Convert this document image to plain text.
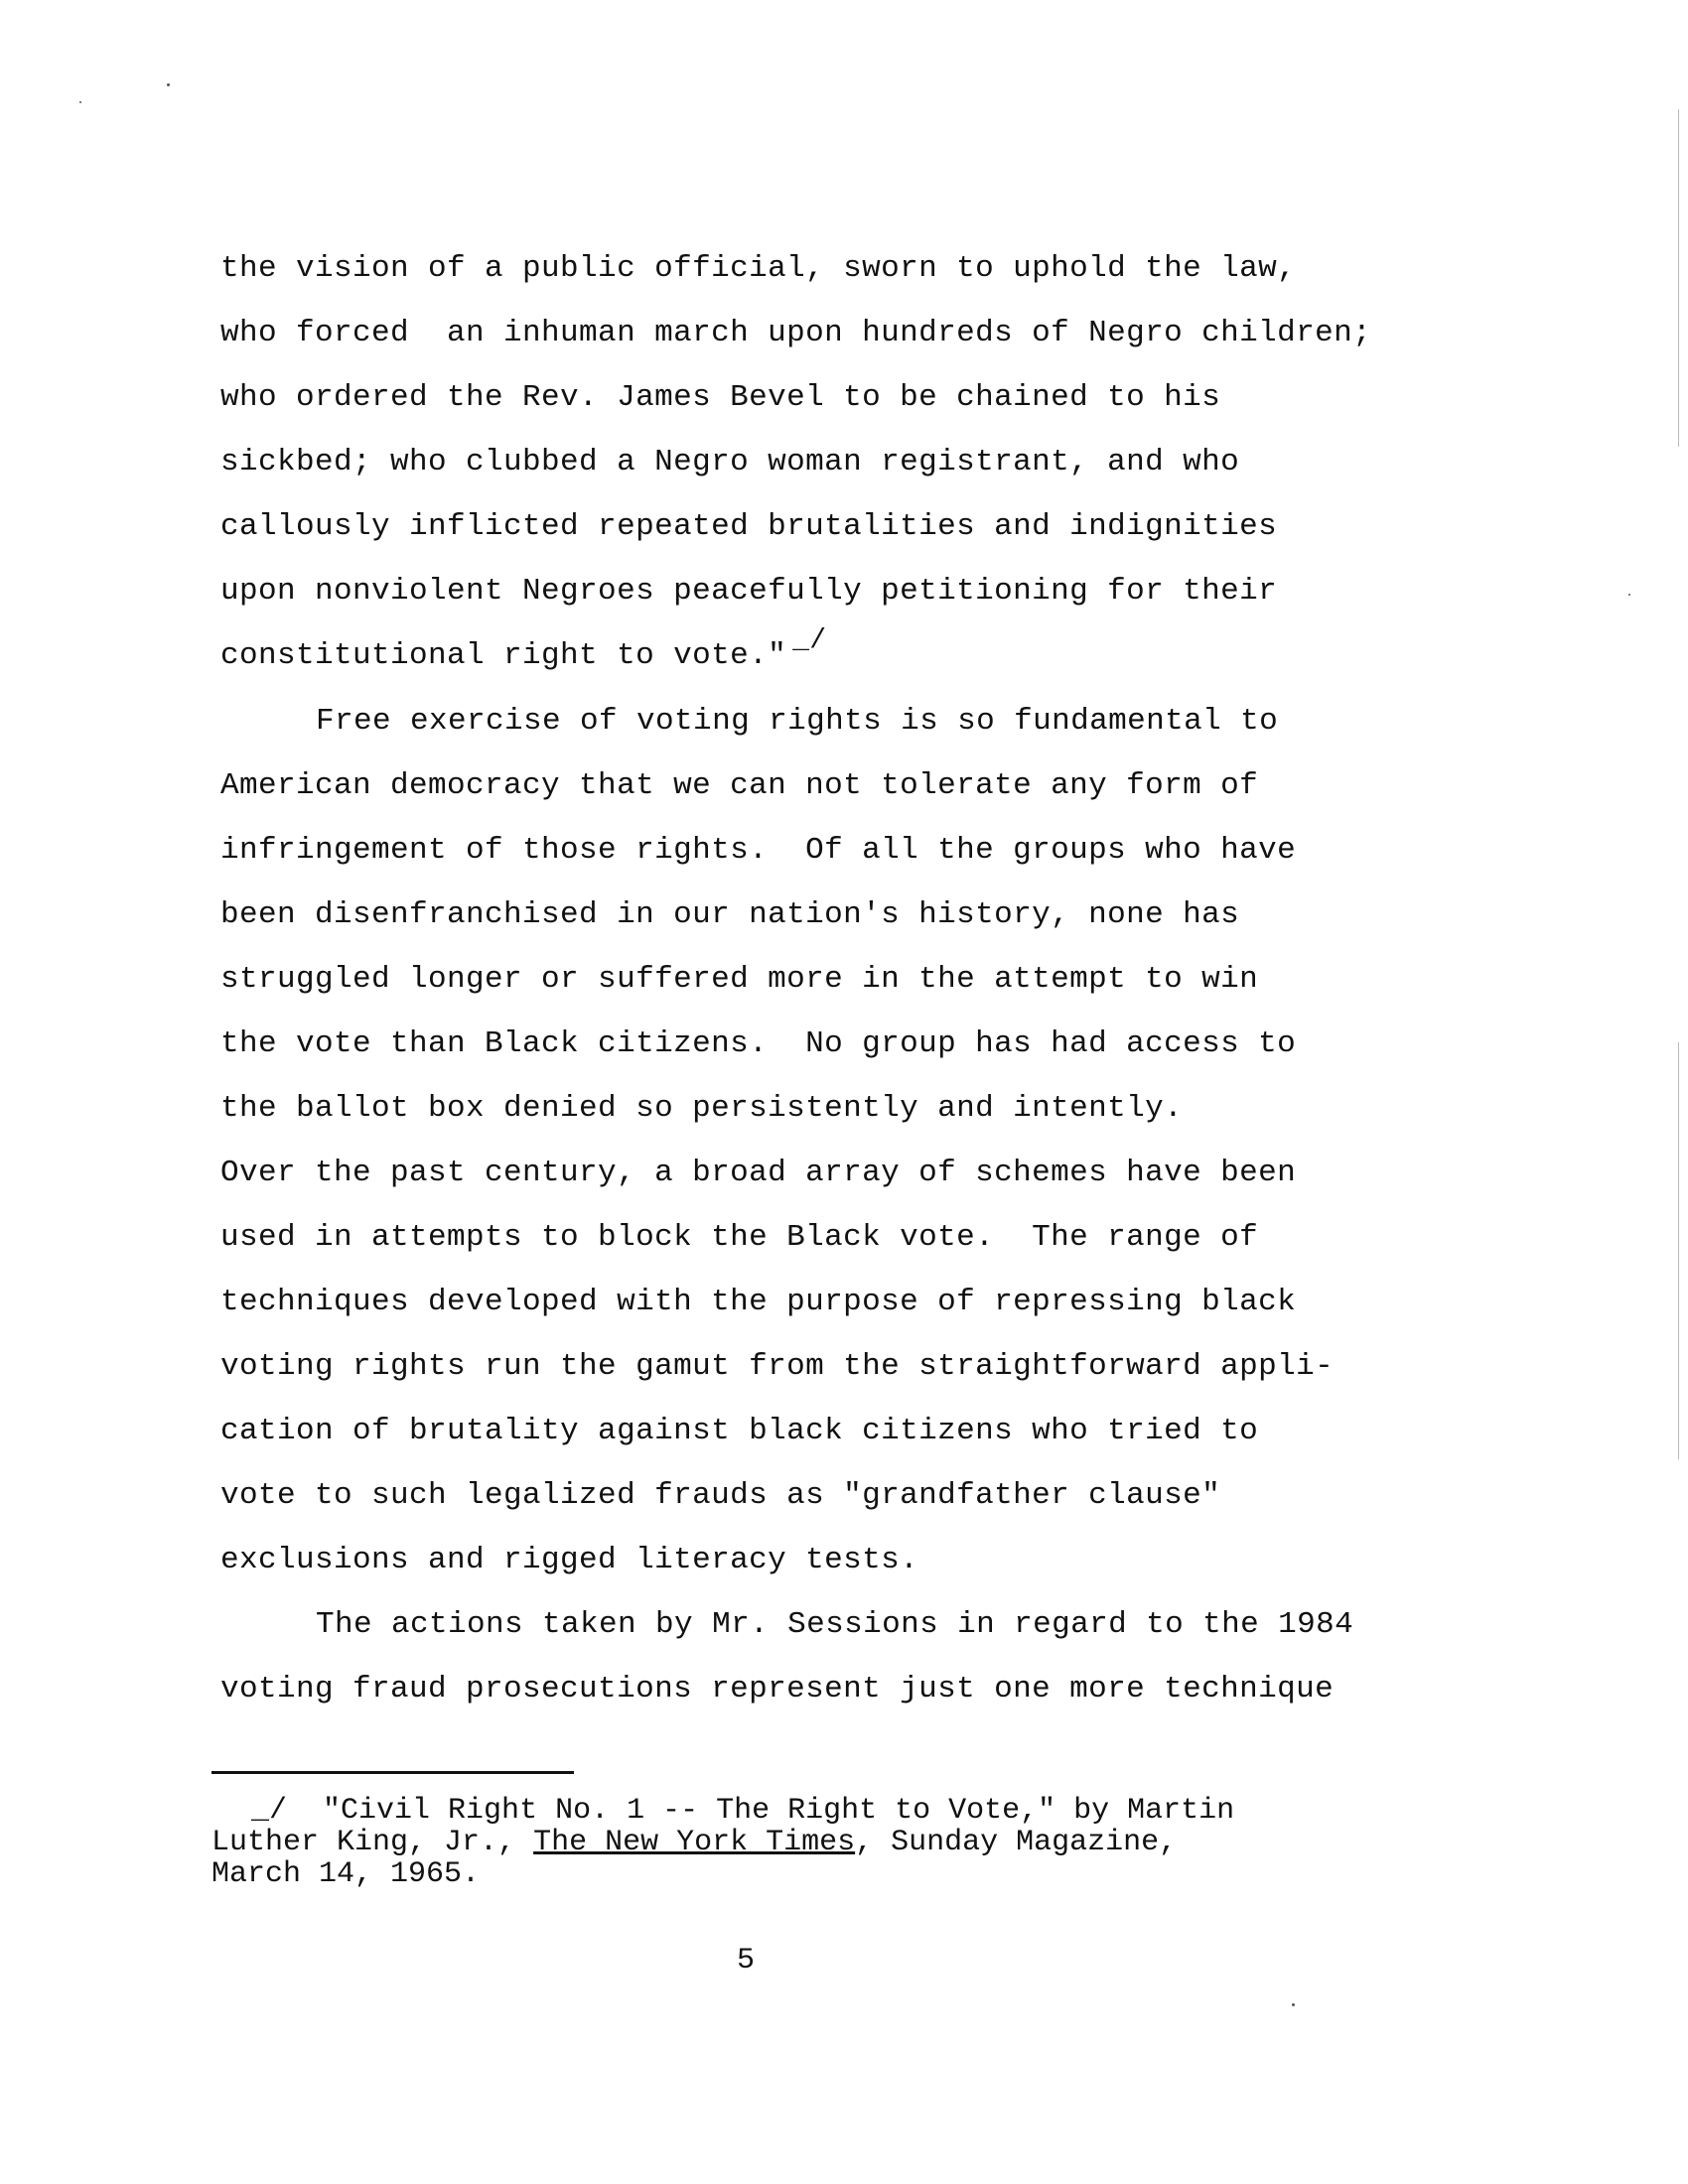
the vision of a public official, sworn to uphold the law,
who forced  an inhuman march upon hundreds of Negro children;
who ordered the Rev. James Bevel to be chained to his
sickbed; who clubbed a Negro woman registrant, and who
callously inflicted repeated brutalities and indignities
upon nonviolent Negroes peacefully petitioning for their
constitutional right to vote." _/
Free exercise of voting rights is so fundamental to
American democracy that we can not tolerate any form of
infringement of those rights.  Of all the groups who have
been disenfranchised in our nation's history, none has
struggled longer or suffered more in the attempt to win
the vote than Black citizens.  No group has had access to
the ballot box denied so persistently and intently.
Over the past century, a broad array of schemes have been
used in attempts to block the Black vote.  The range of
techniques developed with the purpose of repressing black
voting rights run the gamut from the straightforward appli-
cation of brutality against black citizens who tried to
vote to such legalized frauds as "grandfather clause"
exclusions and rigged literacy tests.
The actions taken by Mr. Sessions in regard to the 1984
voting fraud prosecutions represent just one more technique
_/ "Civil Right No. 1 -- The Right to Vote," by Martin
Luther King, Jr., The New York Times, Sunday Magazine,
March 14, 1965.
5
